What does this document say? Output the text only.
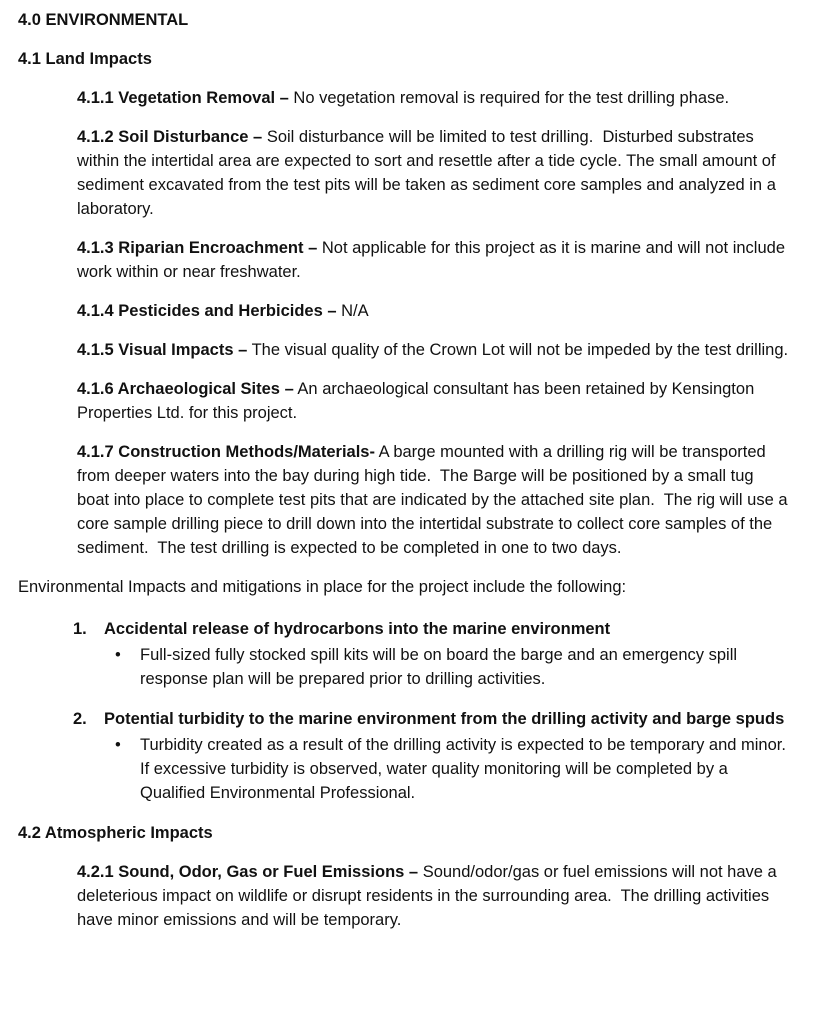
4.0 ENVIRONMENTAL
4.1 Land Impacts

4.1.1 Vegetation Removal – No vegetation removal is required for the test drilling phase.

4.1.2 Soil Disturbance – Soil disturbance will be limited to test drilling.  Disturbed substrates within the intertidal area are expected to sort and resettle after a tide cycle. The small amount of sediment excavated from the test pits will be taken as sediment core samples and analyzed in a laboratory.

4.1.3 Riparian Encroachment – Not applicable for this project as it is marine and will not include work within or near freshwater.

4.1.4 Pesticides and Herbicides – N/A

4.1.5 Visual Impacts – The visual quality of the Crown Lot will not be impeded by the test drilling.

4.1.6 Archaeological Sites – An archaeological consultant has been retained by Kensington Properties Ltd. for this project.

4.1.7 Construction Methods/Materials- A barge mounted with a drilling rig will be transported from deeper waters into the bay during high tide.  The Barge will be positioned by a small tug boat into place to complete test pits that are indicated by the attached site plan.  The rig will use a core sample drilling piece to drill down into the intertidal substrate to collect core samples of the sediment.  The test drilling is expected to be completed in one to two days.

Environmental Impacts and mitigations in place for the project include the following:

1.	Accidental release of hydrocarbons into the marine environment
•	Full-sized fully stocked spill kits will be on board the barge and an emergency spill response plan will be prepared prior to drilling activities.
2.	Potential turbidity to the marine environment from the drilling activity and barge spuds
•	Turbidity created as a result of the drilling activity is expected to be temporary and minor.  If excessive turbidity is observed, water quality monitoring will be completed by a Qualified Environmental Professional.
4.2 Atmospheric Impacts

4.2.1 Sound, Odor, Gas or Fuel Emissions – Sound/odor/gas or fuel emissions will not have a deleterious impact on wildlife or disrupt residents in the surrounding area.  The drilling activities have minor emissions and will be temporary.
